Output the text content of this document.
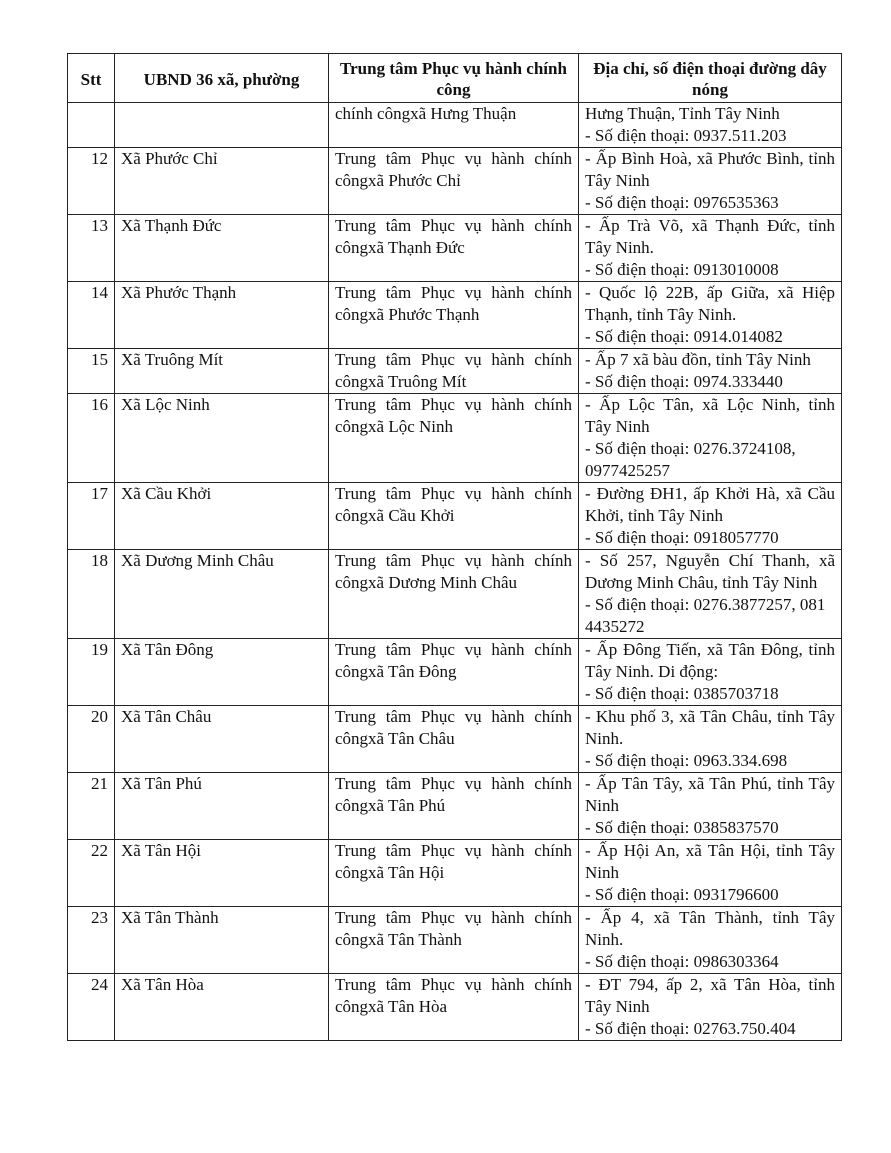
Stt	UBND 36 xã, phường	Trung tâm Phục vụ hành chính công	Địa chỉ, số điện thoại đường dây nóng
		chính côngxã Hưng Thuận	Hưng Thuận, Tỉnh Tây Ninh
- Số điện thoại: 0937.511.203

12	Xã Phước Chỉ	Trung tâm Phục vụ hành chính côngxã Phước Chỉ	- Ấp Bình Hoà, xã Phước Bình, tỉnh Tây Ninh
- Số điện thoại: 0976535363

13	Xã Thạnh Đức	Trung tâm Phục vụ hành chính côngxã Thạnh Đức	- Ấp Trà Võ, xã Thạnh Đức, tỉnh Tây Ninh.
- Số điện thoại: 0913010008

14	Xã Phước Thạnh	Trung tâm Phục vụ hành chính côngxã Phước Thạnh	- Quốc lộ 22B, ấp Giữa, xã Hiệp Thạnh, tỉnh Tây Ninh.
- Số điện thoại: 0914.014082

15	Xã Truông Mít	Trung tâm Phục vụ hành chính côngxã Truông Mít	- Ấp 7 xã bàu đồn, tỉnh Tây Ninh
- Số điện thoại: 0974.333440

16	Xã Lộc Ninh	Trung tâm Phục vụ hành chính côngxã Lộc Ninh	- Ấp Lộc Tân, xã Lộc Ninh, tỉnh Tây Ninh
- Số điện thoại: 0276.3724108, 0977425257

17	Xã Cầu Khởi	Trung tâm Phục vụ hành chính côngxã Cầu Khởi	- Đường ĐH1, ấp Khởi Hà, xã Cầu Khởi, tỉnh Tây Ninh
- Số điện thoại: 0918057770

18	Xã Dương Minh Châu	Trung tâm Phục vụ hành chính côngxã Dương Minh Châu	- Số 257, Nguyễn Chí Thanh, xã Dương Minh Châu, tỉnh Tây Ninh
- Số điện thoại: 0276.3877257, 081 4435272

19	Xã Tân Đông	Trung tâm Phục vụ hành chính côngxã Tân Đông	- Ấp Đông Tiến, xã Tân Đông, tỉnh Tây Ninh. Di động:
- Số điện thoại: 0385703718

20	Xã Tân Châu	Trung tâm Phục vụ hành chính côngxã Tân Châu	- Khu phố 3, xã Tân Châu, tỉnh Tây Ninh.
- Số điện thoại: 0963.334.698

21	Xã Tân Phú	Trung tâm Phục vụ hành chính côngxã Tân Phú	- Ấp Tân Tây, xã Tân Phú, tỉnh Tây Ninh
- Số điện thoại: 0385837570

22	Xã Tân Hội	Trung tâm Phục vụ hành chính côngxã Tân Hội	- Ấp Hội An, xã Tân Hội, tỉnh Tây Ninh
- Số điện thoại: 0931796600

23	Xã Tân Thành	Trung tâm Phục vụ hành chính côngxã Tân Thành	- Ấp 4, xã Tân Thành, tỉnh Tây Ninh.
- Số điện thoại: 0986303364

24	Xã Tân Hòa	Trung tâm Phục vụ hành chính côngxã Tân Hòa	- ĐT 794, ấp 2, xã Tân Hòa, tỉnh Tây Ninh
- Số điện thoại: 02763.750.404
